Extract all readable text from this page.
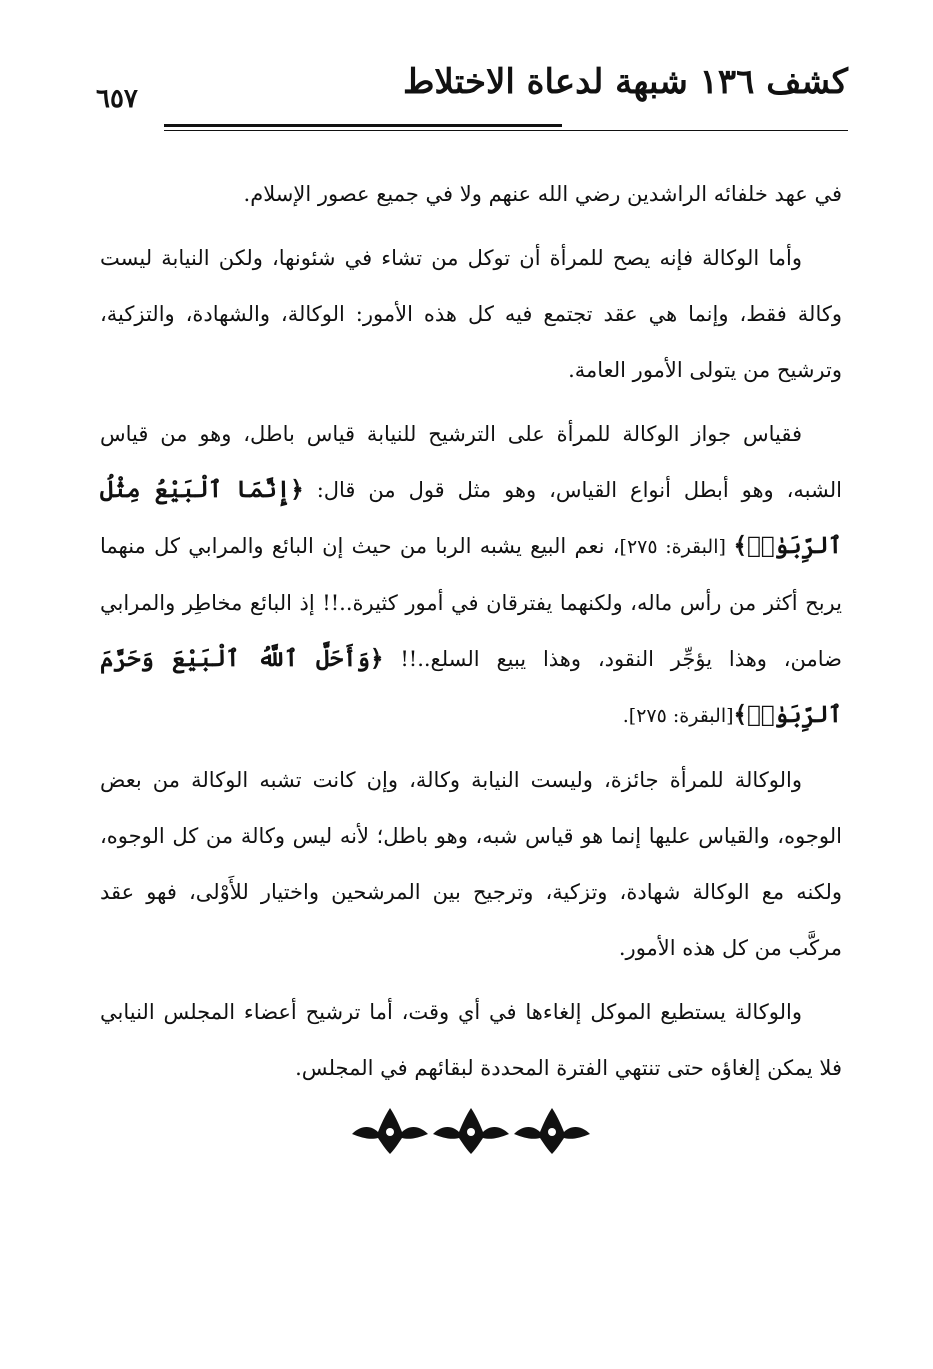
كشف ١٣٦ شبهة لدعاة الاختلاط
٦٥٧

في عهد خلفائه الراشدين رضي الله عنهم ولا في جميع عصور الإسلام.

وأما الوكالة فإنه يصح للمرأة أن توكل من تشاء في شئونها، ولكن النيابة ليست وكالة فقط، وإنما هي عقد تجتمع فيه كل هذه الأمور: الوكالة، والشهادة، والتزكية، وترشيح من يتولى الأمور العامة.

فقياس جواز الوكالة للمرأة على الترشيح للنيابة قياس باطل، وهو من قياس الشبه، وهو أبطل أنواع القياس، وهو مثل قول من قال: ﴿إِنَّمَا ٱلْبَيْعُ مِثْلُ ٱلرِّبَوٰا۟﴾ [البقرة: ٢٧٥]، نعم البيع يشبه الربا من حيث إن البائع والمرابي كل منهما يربح أكثر من رأس ماله، ولكنهما يفترقان في أمور كثيرة..!! إذ البائع مخاطِر والمرابي ضامن، وهذا يؤجِّر النقود، وهذا يبيع السلع..!! ﴿وَأَحَلَّ ٱللَّهُ ٱلْبَيْعَ وَحَرَّمَ ٱلرِّبَوٰا۟﴾[البقرة: ٢٧٥].

والوكالة للمرأة جائزة، وليست النيابة وكالة، وإن كانت تشبه الوكالة من بعض الوجوه، والقياس عليها إنما هو قياس شبه، وهو باطل؛ لأنه ليس وكالة من كل الوجوه، ولكنه مع الوكالة شهادة، وتزكية، وترجيح بين المرشحين واختيار للأَوْلى، فهو عقد مركَّب من كل هذه الأمور.

والوكالة يستطيع الموكل إلغاءها في أي وقت، أما ترشيح أعضاء المجلس النيابي فلا يمكن إلغاؤه حتى تنتهي الفترة المحددة لبقائهم في المجلس.
